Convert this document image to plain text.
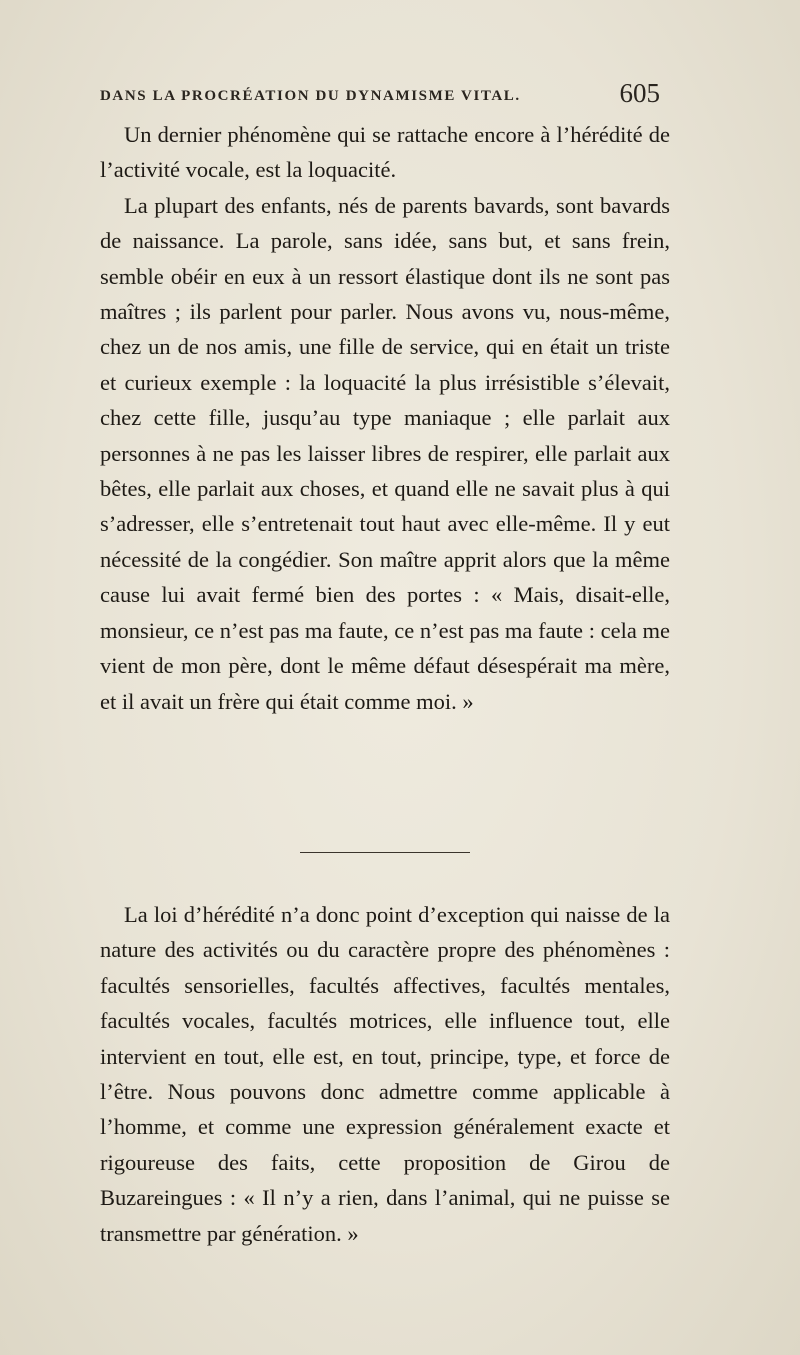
DANS LA PROCRÉATION DU DYNAMISME VITAL.	605

Un dernier phénomène qui se rattache encore à l’hérédité de l’activité vocale, est la loquacité.

La plupart des enfants, nés de parents bavards, sont bavards de naissance. La parole, sans idée, sans but, et sans frein, semble obéir en eux à un ressort élastique dont ils ne sont pas maîtres ; ils parlent pour parler. Nous avons vu, nous-même, chez un de nos amis, une fille de service, qui en était un triste et curieux exemple : la loquacité la plus irrésistible s’élevait, chez cette fille, jusqu’au type maniaque ; elle parlait aux personnes à ne pas les laisser libres de respirer, elle parlait aux bêtes, elle parlait aux choses, et quand elle ne savait plus à qui s’adresser, elle s’entretenait tout haut avec elle-même. Il y eut nécessité de la congédier. Son maître apprit alors que la même cause lui avait fermé bien des portes : « Mais, disait-elle, monsieur, ce n’est pas ma faute, ce n’est pas ma faute : cela me vient de mon père, dont le même défaut désespérait ma mère, et il avait un frère qui était comme moi. »

La loi d’hérédité n’a donc point d’exception qui naisse de la nature des activités ou du caractère propre des phénomènes : facultés sensorielles, facultés affectives, facultés mentales, facultés vocales, facultés motrices, elle influence tout, elle intervient en tout, elle est, en tout, principe, type, et force de l’être. Nous pouvons donc admettre comme applicable à l’homme, et comme une expression généralement exacte et rigoureuse des faits, cette proposition de Girou de Buzareingues : « Il n’y a rien, dans l’animal, qui ne puisse se transmettre par génération. »
